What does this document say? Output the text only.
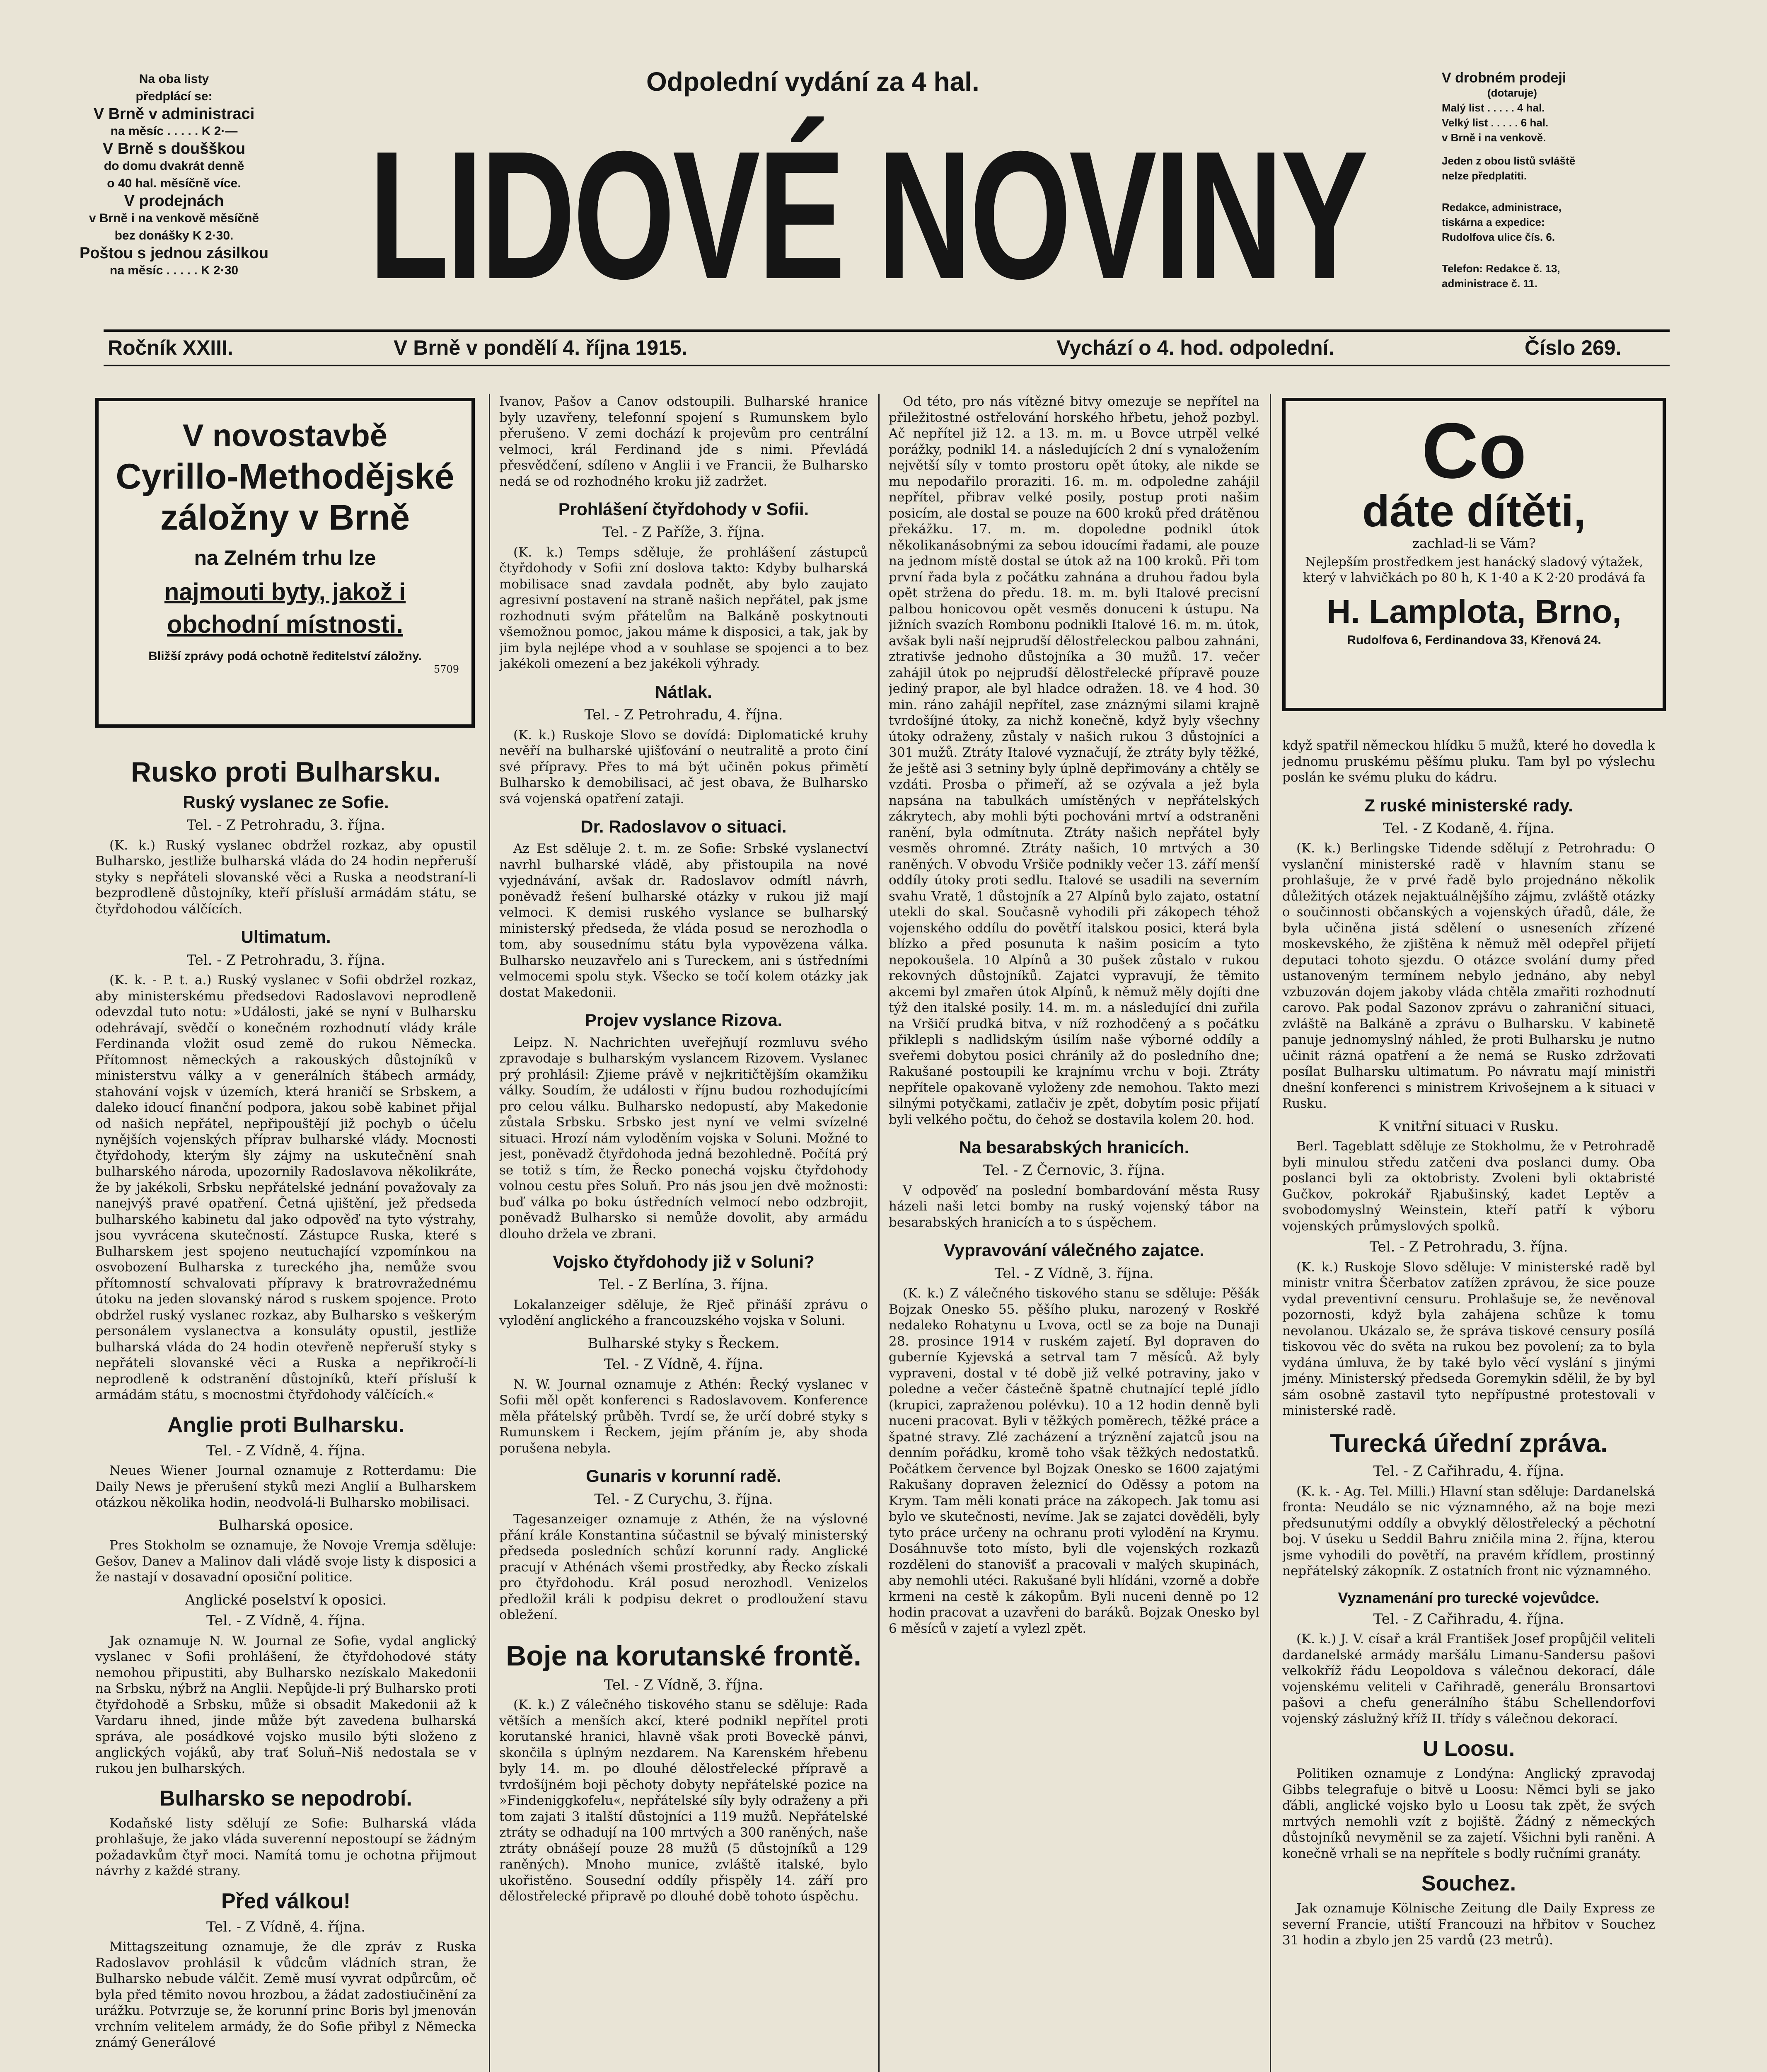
Na oba listy
předplácí se:
V Brně v administraci
na měsíc . . . . . K 2·—
V Brně s doušškou
do domu dvakrát denně
o 40 hal. měsíčně více.
V prodejnách
v Brně i na venkově měsíčně
bez donášky K 2·30.
Poštou s jednou zásilkou
na měsíc . . . . . K 2·30
Odpolední vydání za 4 hal.
LIDOVÉ NOVINY
V drobném prodeji
(dotaruje)
Malý list . . . . . 4 hal.
Velký list . . . . . 6 hal.
v Brně i na venkově.
Jeden z obou listů svláště
nelze předplatiti.
Redakce, administrace,
tiskárna a expedice:
Rudolfova ulice čís. 6.
Telefon: Redakce č. 13,
administrace č. 11.
Ročník XXIII.	V Brně v pondělí 4. října 1915.	Vychází o 4. hod. odpolední.	Číslo 269.
V novostavbě
Cyrillo-Methodějské
záložny v Brně
na Zelném trhu lze
najmouti byty, jakož i
obchodní místnosti.
Bližší zprávy podá ochotně ředitelství záložny.
5709
Rusko proti Bulharsku.
Ruský vyslanec ze Sofie.
Tel. - Z Petrohradu, 3. října.

(K. k.) Ruský vyslanec obdržel rozkaz, aby opustil Bulharsko, jestliže bulharská vláda do 24 hodin nepřeruší styky s nepřáteli slovanské věci a Ruska a neodstraní-li bezprodleně důstojníky, kteří přísluší armádám státu, se čtyřdohodou válčících.

Ultimatum.
Tel. - Z Petrohradu, 3. října.

(K. k. - P. t. a.) Ruský vyslanec v Sofii obdržel rozkaz, aby ministerskému předsedovi Radoslavovi neprodleně odevzdal tuto notu: »Události, jaké se nyní v Bulharsku odehrávají, svědčí o konečném rozhodnutí vlády krále Ferdinanda vložit osud země do rukou Německa. Přítomnost německých a rakouských důstojníků v ministerstvu války a v generálních štábech armády, stahování vojsk v územích, která hraničí se Srbskem, a daleko idoucí finanční podpora, jakou sobě kabinet přijal od našich nepřátel, nepřipouštějí již pochyb o účelu nynějších vojenských příprav bulharské vlády. Mocnosti čtyřdohody, kterým šly zájmy na uskutečnění snah bulharského národa, upozornily Radoslavova několikráte, že by jakékoli, Srbsku nepřátelské jednání považovaly za nanejvýš pravé opatření. Četná ujištění, jež předseda bulharského kabinetu dal jako odpověď na tyto výstrahy, jsou vyvrácena skutečností. Zástupce Ruska, které s Bulharskem jest spojeno neutuchající vzpomínkou na osvobození Bulharska z tureckého jha, nemůže svou přítomností schvalovati přípravy k bratrovražednému útoku na jeden slovanský národ s ruskem spojence. Proto obdržel ruský vyslanec rozkaz, aby Bulharsko s veškerým personálem vyslanectva a konsuláty opustil, jestliže bulharská vláda do 24 hodin otevřeně nepřeruší styky s nepřáteli slovanské věci a Ruska a nepřikročí-li neprodleně k odstranění důstojníků, kteří přísluší k armádám státu, s mocnostmi čtyřdohody válčících.«

Anglie proti Bulharsku.
Tel. - Z Vídně, 4. října.

Neues Wiener Journal oznamuje z Rotterdamu: Die Daily News je přerušení styků mezi Anglií a Bulharskem otázkou několika hodin, neodvolá-li Bulharsko mobilisaci.

Bulharská oposice.

Pres Stokholm se oznamuje, že Novoje Vremja sděluje: Gešov, Danev a Malinov dali vládě svoje listy k disposici a že nastají v dosavadní oposiční politice.

Anglické poselství k oposici.
Tel. - Z Vídně, 4. října.

Jak oznamuje N. W. Journal ze Sofie, vydal anglický vyslanec v Sofii prohlášení, že čtyřdohodové státy nemohou připustiti, aby Bulharsko nezískalo Makedonii na Srbsku, nýbrž na Anglii. Nepůjde-li prý Bulharsko proti čtyřdohodě a Srbsku, může si obsadit Makedonii až k Vardaru ihned, jinde může být zavedena bulharská správa, ale posádkové vojsko musilo býti složeno z anglických vojáků, aby trať Soluň–Niš nedostala se v rukou jen bulharských.

Bulharsko se nepodrobí.

Kodaňské listy sdělují ze Sofie: Bulharská vláda prohlašuje, že jako vláda suverenní nepostoupí se žádným požadavkům čtyř moci. Namítá tomu je ochotna přijmout návrhy z každé strany.

Před válkou!
Tel. - Z Vídně, 4. října.

Mittagszeitung oznamuje, že dle zpráv z Ruska Radoslavov prohlásil k vůdcům vládních stran, že Bulharsko nebude válčit. Země musí vyvrat odpůrcům, oč byla před těmito novou hrozbou, a žádat zadostiučinění za urážku. Potvrzuje se, že korunní princ Boris byl jmenován vrchním velitelem armády, že do Sofie přibyl z Německa známý Generálové

Ivanov, Pašov a Canov odstoupili. Bulharské hranice byly uzavřeny, telefonní spojení s Rumunskem bylo přerušeno. V zemi dochází k projevům pro centrální velmoci, král Ferdinand jde s nimi. Převládá přesvědčení, sdíleno v Anglii i ve Francii, že Bulharsko nedá se od rozhodného kroku již zadržet.

Prohlášení čtyřdohody v Sofii.
Tel. - Z Paříže, 3. října.

(K. k.) Temps sděluje, že prohlášení zástupců čtyřdohody v Sofii zní doslova takto: Kdyby bulharská mobilisace snad zavdala podnět, aby bylo zaujato agresivní postavení na straně našich nepřátel, pak jsme rozhodnuti svým přátelům na Balkáně poskytnouti všemožnou pomoc, jakou máme k disposici, a tak, jak by jim byla nejlépe vhod a v souhlase se spojenci a to bez jakékoli omezení a bez jakékoli výhrady.

Nátlak.
Tel. - Z Petrohradu, 4. října.

(K. k.) Ruskoje Slovo se dovídá: Diplomatické kruhy nevěří na bulharské ujišťování o neutralitě a proto činí své přípravy. Přes to má být učiněn pokus přimětí Bulharsko k demobilisaci, ač jest obava, že Bulharsko svá vojenská opatření zataji.

Dr. Radoslavov o situaci.

Az Est sděluje 2. t. m. ze Sofie: Srbské vyslanectví navrhl bulharské vládě, aby přistoupila na nové vyjednávání, avšak dr. Radoslavov odmítl návrh, poněvadž řešení bulharské otázky v rukou již mají velmoci. K demisi ruského vyslance se bulharský ministerský předseda, že vláda posud se nerozhodla o tom, aby sousednímu státu byla vypovězena válka. Bulharsko neuzavřelo ani s Tureckem, ani s ústředními velmocemi spolu styk. Všecko se točí kolem otázky jak dostat Makedonii.

Projev vyslance Rizova.

Leipz. N. Nachrichten uveřejňují rozmluvu svého zpravodaje s bulharským vyslancem Rizovem. Vyslanec prý prohlásil: Zjieme právě v nejkritičtějším okamžiku války. Soudím, že události v říjnu budou rozhodujícími pro celou válku. Bulharsko nedopustí, aby Makedonie zůstala Srbsku. Srbsko jest nyní ve velmi svízelné situaci. Hrozí nám vyloděním vojska v Soluni. Možné to jest, poněvadž čtyřdohoda jedná bezohledně. Počítá prý se totiž s tím, že Řecko ponechá vojsku čtyřdohody volnou cestu přes Soluň. Pro nás jsou jen dvě možnosti: buď válka po boku ústředních velmocí nebo odzbrojit, poněvadž Bulharsko si nemůže dovolit, aby armádu dlouho držela ve zbrani.

Vojsko čtyřdohody již v Soluni?
Tel. - Z Berlína, 3. října.

Lokalanzeiger sděluje, že Rječ přináší zprávu o vylodění anglického a francouzského vojska v Soluni.

Bulharské styky s Řeckem.
Tel. - Z Vídně, 4. října.

N. W. Journal oznamuje z Athén: Řecký vyslanec v Sofii měl opět konferenci s Radoslavovem. Konference měla přátelský průběh. Tvrdí se, že určí dobré styky s Rumunskem i Řeckem, jejím přáním je, aby shoda porušena nebyla.

Gunaris v korunní radě.
Tel. - Z Curychu, 3. října.

Tagesanzeiger oznamuje z Athén, že na výslovné přání krále Konstantina súčastnil se bývalý ministerský předseda posledních schůzí korunní rady. Anglické pracují v Athénách všemi prostředky, aby Řecko získali pro čtyřdohodu. Král posud nerozhodl. Venizelos předložil králi k podpisu dekret o prodloužení stavu obležení.

Boje na korutanské frontě.
Tel. - Z Vídně, 3. října.

(K. k.) Z válečného tiskového stanu se sděluje: Rada větších a menších akcí, které podnikl nepřítel proti korutanské hranici, hlavně však proti Boveckě pánvi, skončila s úplným nezdarem. Na Karenském hřebenu byly 14. m. po dlouhé dělostřelecké přípravě a tvrdošíjném boji pěchoty dobyty nepřátelské pozice na »Findeniggkofelu«, nepřátelské síly byly odraženy a při tom zajati 3 italští důstojníci a 119 mužů. Nepřátelské ztráty se odhadují na 100 mrtvých a 300 raněných, naše ztráty obnášejí pouze 28 mužů (5 důstojníků a 129 raněných). Mnoho munice, zvláště italské, bylo ukořistěno. Sousední oddíly přispěly 14. září pro dělostřelecké připravě po dlouhé době tohoto úspěchu.

Od této, pro nás vítězné bitvy omezuje se nepřítel na přiležitostné ostřelování horského hřbetu, jehož pozbyl. Ač nepřítel již 12. a 13. m. m. u Bovce utrpěl velké porážky, podnikl 14. a následujících 2 dní s vynaložením největší síly v tomto prostoru opět útoky, ale nikde se mu nepodařilo proraziti. 16. m. m. odpoledne zahájil nepřítel, přibrav velké posily, postup proti našim posicím, ale dostal se pouze na 600 kroků před drátěnou překážku. 17. m. m. dopoledne podnikl útok několikanásobnými za sebou idoucími řadami, ale pouze na jednom místě dostal se útok až na 100 kroků. Při tom první řada byla z počátku zahnána a druhou řadou byla opět stržena do předu. 18. m. m. byli Italové precisní palbou honicovou opět vesměs donuceni k ústupu. Na jižních svazích Rombonu podnikli Italové 16. m. m. útok, avšak byli naší nejprudší dělostřeleckou palbou zahnáni, ztrativše jednoho důstojníka a 30 mužů. 17. večer zahájil útok po nejprudší dělostřelecké přípravě pouze jediný prapor, ale byl hladce odražen. 18. ve 4 hod. 30 min. ráno zahájil nepřítel, zase znáznými silami krajně tvrdošíjné útoky, za nichž konečně, když byly všechny útoky odraženy, zůstaly v našich rukou 3 důstojníci a 301 mužů. Ztráty Italové vyznačují, že ztráty byly těžké, že ještě asi 3 setniny byly úplně depřimovány a chtěly se vzdáti. Prosba o přimeří, až se ozývala a jež byla napsána na tabulkách umístěných v nepřátelských zákrytech, aby mohli býti pochováni mrtví a odstraněni ranění, byla odmítnuta. Ztráty našich nepřátel byly vesměs ohromné. Ztráty našich, 10 mrtvých a 30 raněných. V obvodu Vršiče podnikly večer 13. září menší oddíly útoky proti sedlu. Italové se usadili na severním svahu Vratě, 1 důstojník a 27 Alpínů bylo zajato, ostatní utekli do skal. Současně vyhodili při zákopech téhož vojenského oddílu do povětří italskou posici, která byla blízko a před posunuta k našim posicím a tyto nepokoušela. 10 Alpínů a 30 pušek zůstalo v rukou rekovných důstojníků. Zajatci vypravují, že těmito akcemi byl zmařen útok Alpínů, k němuž měly dojíti dne týž den italské posily. 14. m. m. a následující dni zuřila na Vršičí prudká bitva, v níž rozhodčený a s počátku přiklepli s nadlidským úsilím naše výborné oddíly a sveřemi dobytou posici chránily až do posledního dne; Rakušané postoupili ke krajnímu vrchu v boji. Ztráty nepřítele opakovaně vyloženy zde nemohou. Takto mezi silnými potyčkami, zatlačiv je zpět, dobytím posic přijatí byli velkého počtu, do čehož se dostavila kolem 20. hod.

Na besarabských hranicích.
Tel. - Z Černovic, 3. října.

V odpověď na poslední bombardování města Rusy házeli naši letci bomby na ruský vojenský tábor na besarabských hranicích a to s úspěchem.

Vypravování válečného zajatce.
Tel. - Z Vídně, 3. října.

(K. k.) Z válečného tiskového stanu se sděluje: Pěšák Bojzak Onesko 55. pěšího pluku, narozený v Roskřé nedaleko Rohatynu u Lvova, octl se za boje na Dunaji 28. prosince 1914 v ruském zajetí. Byl dopraven do guberníe Kyjevská a setrval tam 7 měsíců. Až byly vypraveni, dostal v té době již velké potraviny, jako v poledne a večer částečně špatně chutnající teplé jídlo (krupici, zapraženou polévku). 10 a 12 hodin denně byli nuceni pracovat. Byli v těžkých poměrech, těžké práce a špatné stravy. Zlé zacházení a trýznění zajatců jsou na denním pořádku, kromě toho však těžkých nedostatků. Počátkem července byl Bojzak Onesko se 1600 zajatými Rakušany dopraven železnicí do Oděssy a potom na Krym. Tam měli konati práce na zákopech. Jak tomu asi bylo ve skutečnosti, nevíme. Jak se zajatci dověděli, byly tyto práce určeny na ochranu proti vylodění na Krymu. Dosáhnuvše toto místo, byli dle vojenských rozkazů rozděleni do stanovišť a pracovali v malých skupinách, aby nemohli utéci. Rakušané byli hlídáni, vzorně a dobře krmeni na cestě k zákopům. Byli nuceni denně po 12 hodin pracovat a uzavřeni do baráků. Bojzak Onesko byl 6 měsíců v zajetí a vylezl zpět.

Co
dáte dítěti,
zachlad-li se Vám?
Nejlepším prostředkem jest hanácký sladový výtažek, který v lahvičkách po 80 h, K 1·40 a K 2·20 prodává fa
H. Lamplota, Brno,
Rudolfova 6, Ferdinandova 33, Křenová 24.

když spatřil německou hlídku 5 mužů, které ho dovedla k jednomu pruskému pěšímu pluku. Tam byl po výslechu poslán ke svému pluku do kádru.

Z ruské ministerské rady.
Tel. - Z Kodaně, 4. října.

(K. k.) Berlingske Tidende sdělují z Petrohradu: O vyslanční ministerské radě v hlavním stanu se prohlašuje, že v prvé řadě bylo projednáno několik důležitých otázek nejaktuálnějšího zájmu, zvláště otázky o součinnosti občanských a vojenských úřadů, dále, že byla učiněna jistá sdělení o usneseních zřízené moskevského, že zjištěna k němuž měl odepřel přijetí deputaci tohoto sjezdu. O otázce svolání dumy před ustanoveným termínem nebylo jednáno, aby nebyl vzbuzován dojem jakoby vláda chtěla zmařiti rozhodnutí carovo. Pak podal Sazonov zprávu o zahraniční situaci, zvláště na Balkáně a zprávu o Bulharsku. V kabinetě panuje jednomyslný náhled, že proti Bulharsku je nutno učinit rázná opatření a že nemá se Rusko zdržovati posílat Bulharsku ultimatum. Po návratu mají ministři dnešní konferenci s ministrem Krivošejnem a k situaci v Rusku.

K vnitřní situaci v Rusku.

Berl. Tageblatt sděluje ze Stokholmu, že v Petrohradě byli minulou středu zatčeni dva poslanci dumy. Oba poslanci byli za oktobristy. Zvoleni byli oktabristé Gučkov, pokrokář Rjabušinský, kadet Leptěv a svobodomyslný Weinstein, kteří patří k výboru vojenských průmyslových spolků.

Tel. - Z Petrohradu, 3. října.

(K. k.) Ruskoje Slovo sděluje: V ministerské radě byl ministr vnitra Ščerbatov zatížen zprávou, že sice pouze vydal preventivní censuru. Prohlašuje se, že nevěnoval pozornosti, když byla zahájena schůze k tomu nevolanou. Ukázalo se, že správa tiskové censury posílá tiskovou věc do světa na rukou bez povolení; za to byla vydána úmluva, že by také bylo věcí vyslání s jinými jmény. Ministerský předseda Goremykin sdělil, že by byl sám osobně zastavil tyto nepřípustné protestovali v ministerské radě.

Turecká úřední zpráva.
Tel. - Z Cařihradu, 4. října.

(K. k. - Ag. Tel. Milli.) Hlavní stan sděluje: Dardanelská fronta: Neudálo se nic významného, až na boje mezi předsunutými oddíly a obvyklý dělostřelecký a pěchotní boj. V úseku u Seddil Bahru zničila mina 2. října, kterou jsme vyhodili do povětří, na pravém křídlem, prostinný nepřátelský zákopník. Z ostatních front nic významného.

Vyznamenání pro turecké vojevůdce.
Tel. - Z Cařihradu, 4. října.

(K. k.) J. V. císař a král František Josef propůjčil veliteli dardanelské armády maršálu Limanu-Sandersu pašovi velkokříž řádu Leopoldova s válečnou dekorací, dále vojenskému veliteli v Cařihradě, generálu Bronsartovi pašovi a chefu generálního štábu Schellendorfovi vojenský záslužný kříž II. třídy s válečnou dekorací.

U Loosu.

Politiken oznamuje z Londýna: Anglický zpravodaj Gibbs telegrafuje o bitvě u Loosu: Němci byli se jako ďábli, anglické vojsko bylo u Loosu tak zpět, že svých mrtvých nemohli vzít z bojiště. Žádný z německých důstojníků nevyměnil se za zajetí. Všichni byli raněni. A konečně vrhali se na nepřítele s bodly ručními granáty.

Souchez.

Jak oznamuje Kölnische Zeitung dle Daily Express ze severní Francie, utiští Francouzi na hřbitov v Souchez 31 hodin a zbylo jen 25 vardů (23 metrů).
